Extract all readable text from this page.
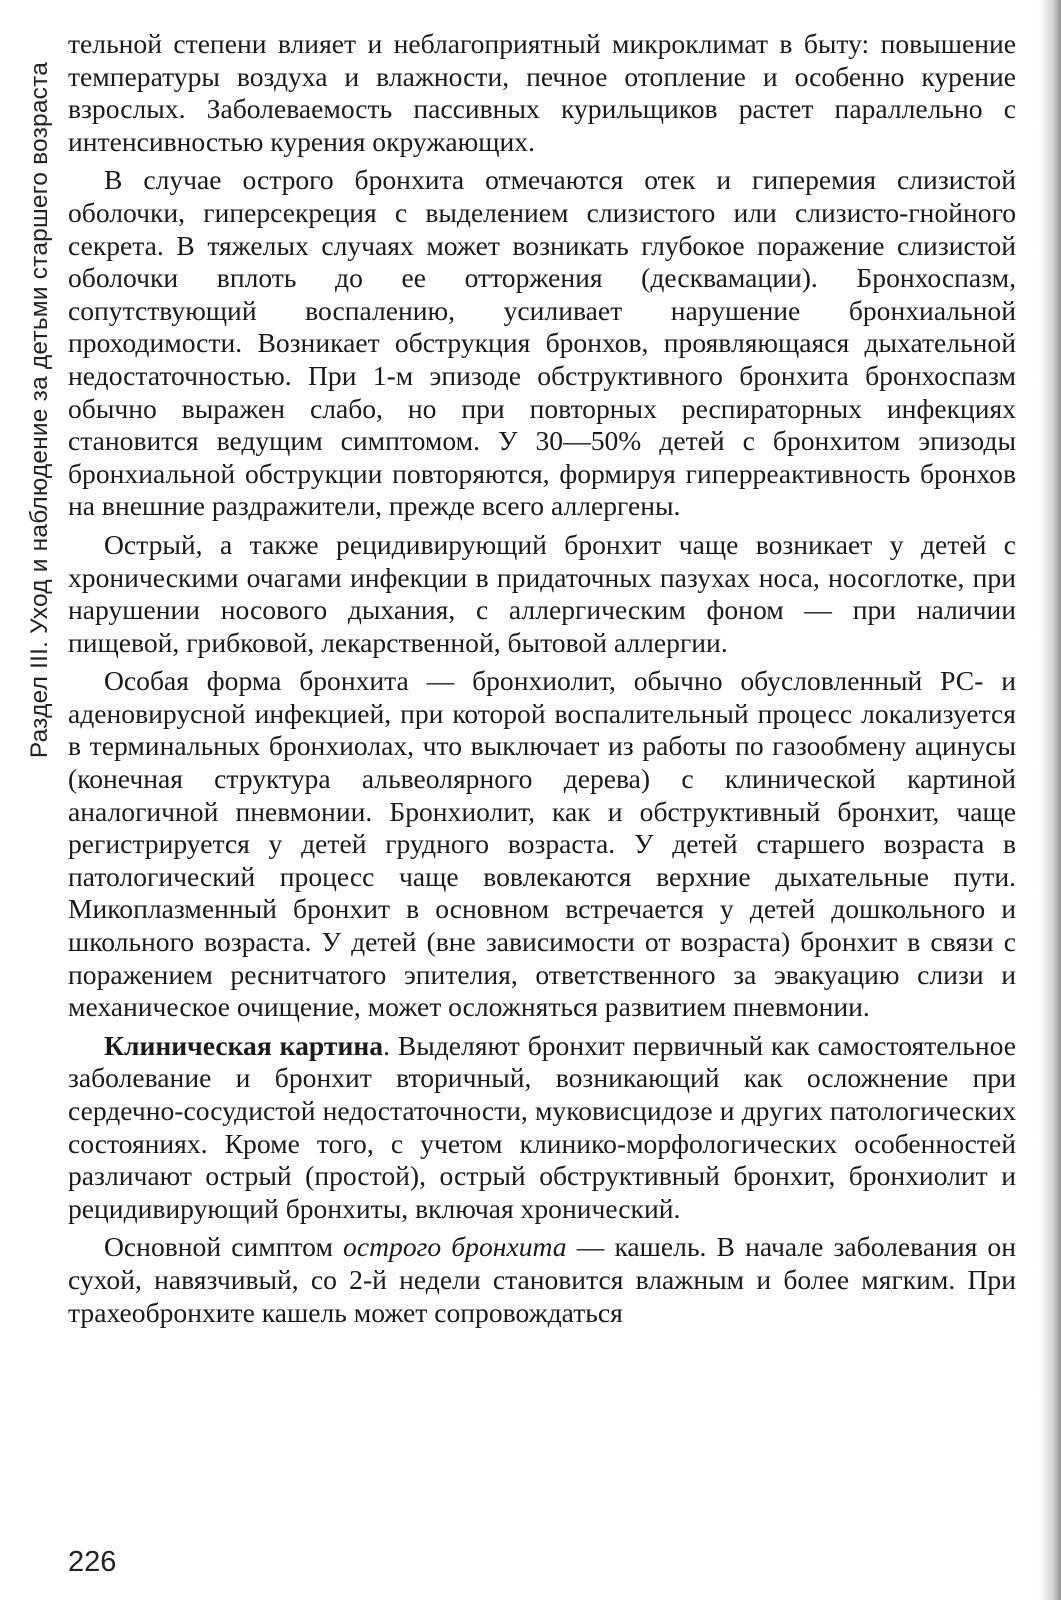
Раздел III. Уход и наблюдение за детьми старшего возраста

тельной степени влияет и неблагоприятный микроклимат в быту: повышение температуры воздуха и влажности, печное отопление и особенно курение взрослых. Заболеваемость пассивных курильщиков растет параллельно с интенсивностью курения окружающих.

В случае острого бронхита отмечаются отек и гиперемия слизистой оболочки, гиперсекреция с выделением слизистого или слизисто-гнойного секрета. В тяжелых случаях может возникать глубокое поражение слизистой оболочки вплоть до ее отторжения (десквамации). Бронхоспазм, сопутствующий воспалению, усиливает нарушение бронхиальной проходимости. Возникает обструкция бронхов, проявляющаяся дыхательной недостаточностью. При 1-м эпизоде обструктивного бронхита бронхоспазм обычно выражен слабо, но при повторных респираторных инфекциях становится ведущим симптомом. У 30—50% детей с бронхитом эпизоды бронхиальной обструкции повторяются, формируя гиперреактивность бронхов на внешние раздражители, прежде всего аллергены.

Острый, а также рецидивирующий бронхит чаще возникает у детей с хроническими очагами инфекции в придаточных пазухах носа, носоглотке, при нарушении носового дыхания, с аллергическим фоном — при наличии пищевой, грибковой, лекарственной, бытовой аллергии.

Особая форма бронхита — бронхиолит, обычно обусловленный РС- и аденовирусной инфекцией, при которой воспалительный процесс локализуется в терминальных бронхиолах, что выключает из работы по газообмену ацинусы (конечная структура альвеолярного дерева) с клинической картиной аналогичной пневмонии. Бронхиолит, как и обструктивный бронхит, чаще регистрируется у детей грудного возраста. У детей старшего возраста в патологический процесс чаще вовлекаются верхние дыхательные пути. Микоплазменный бронхит в основном встречается у детей дошкольного и школьного возраста. У детей (вне зависимости от возраста) бронхит в связи с поражением реснитчатого эпителия, ответственного за эвакуацию слизи и механическое очищение, может осложняться развитием пневмонии.

Клиническая картина. Выделяют бронхит первичный как самостоятельное заболевание и бронхит вторичный, возникающий как осложнение при сердечно-сосудистой недостаточности, муковисцидозе и других патологических состояниях. Кроме того, с учетом клинико-морфологических особенностей различают острый (простой), острый обструктивный бронхит, бронхиолит и рецидивирующий бронхиты, включая хронический.

Основной симптом острого бронхита — кашель. В начале заболевания он сухой, навязчивый, со 2-й недели становится влажным и более мягким. При трахеобронхите кашель может сопровождаться

226
